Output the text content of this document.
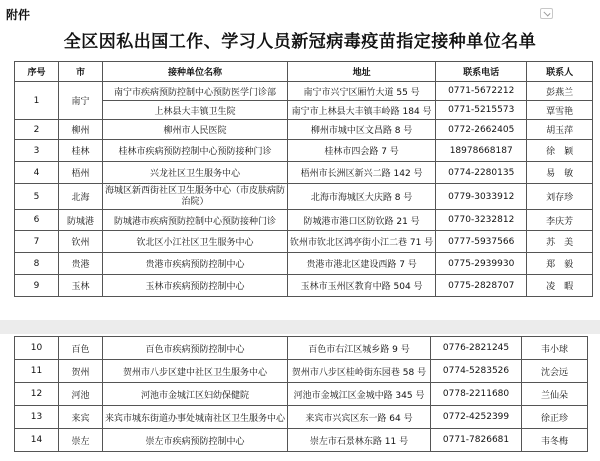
附件
全区因私出国工作、学习人员新冠病毒疫苗指定接种单位名单
序号	市	接种单位名称	地址	联系电话	联系人
1	南宁	南宁市疾病预防控制中心预防医学门诊部	南宁市兴宁区厢竹大道 55 号	0771-5672212	彭燕兰
		上林县大丰镇卫生院	南宁市上林县大丰镇丰岭路 184 号	0771-5215573	覃雪艳
2	柳州	柳州市人民医院	柳州市城中区文昌路 8 号	0772-2662405	胡玉萍
3	桂林	桂林市疾病预防控制中心预防接种门诊	桂林市四会路 7 号	18978668187	徐　颖
4	梧州	兴龙社区卫生服务中心	梧州市长洲区新兴二路 142 号	0774-2280135	易　敏
5	北海	海城区新西街社区卫生服务中心（市皮肤病防治院）	北海市海城区大庆路 8 号	0779-3033912	刘存珍
6	防城港	防城港市疾病预防控制中心预防接种门诊	防城港市港口区防钦路 21 号	0770-3232812	李庆芳
7	钦州	钦北区小江社区卫生服务中心	钦州市钦北区鸿亭街小江二巷 71 号	0777-5937566	苏　美
8	贵港	贵港市疾病预防控制中心	贵港市港北区建设西路 7 号	0775-2939930	郑　毅
9	玉林	玉林市疾病预防控制中心	玉林市玉州区教育中路 504 号	0775-2828707	凌　暇
10	百色	百色市疾病预防控制中心	百色市右江区城乡路 9 号	0776-2821245	韦小球
11	贺州	贺州市八步区建中社区卫生服务中心	贺州市八步区桂岭街东园巷 58 号	0774-5283526	沈会远
12	河池	河池市金城江区妇幼保健院	河池市金城江区金城中路 345 号	0778-2211680	兰仙朵
13	来宾	来宾市城东街道办事处城南社区卫生服务中心	来宾市兴宾区东一路 64 号	0772-4252399	徐正珍
14	崇左	崇左市疾病预防控制中心	崇左市石景林东路 11 号	0771-7826681	韦冬梅
